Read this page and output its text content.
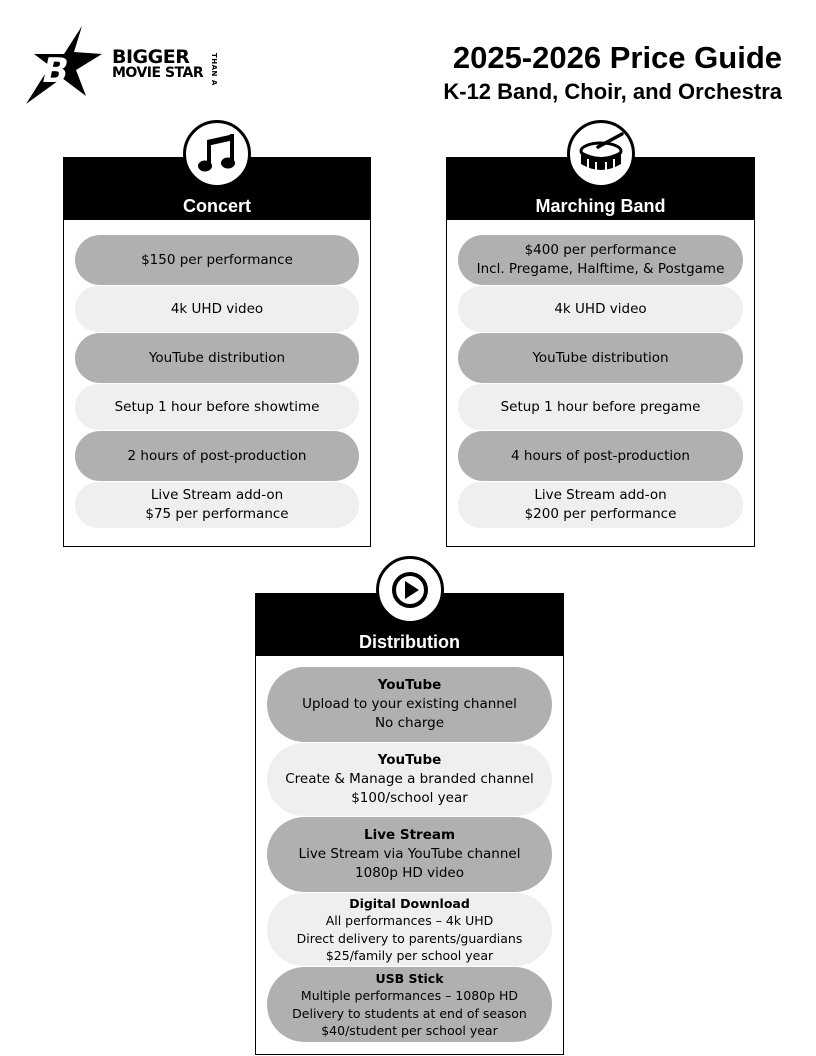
B BIGGER
MOVIE STAR THAN A	2025-2026 Price Guide
K-12 Band, Choir, and Orchestra
Concert
$150 per performance
4k UHD video
YouTube distribution
Setup 1 hour before showtime
2 hours of post-production
Live Stream add-on
$75 per performance
Marching Band
$400 per performance
Incl. Pregame, Halftime, & Postgame
4k UHD video
YouTube distribution
Setup 1 hour before pregame
4 hours of post-production
Live Stream add-on
$200 per performance
Distribution
YouTube
Upload to your existing channel
No charge
YouTube
Create & Manage a branded channel
$100/school year
Live Stream
Live Stream via YouTube channel
1080p HD video
Digital Download
All performances – 4k UHD
Direct delivery to parents/guardians
$25/family per school year
USB Stick
Multiple performances – 1080p HD
Delivery to students at end of season
$40/student per school year
